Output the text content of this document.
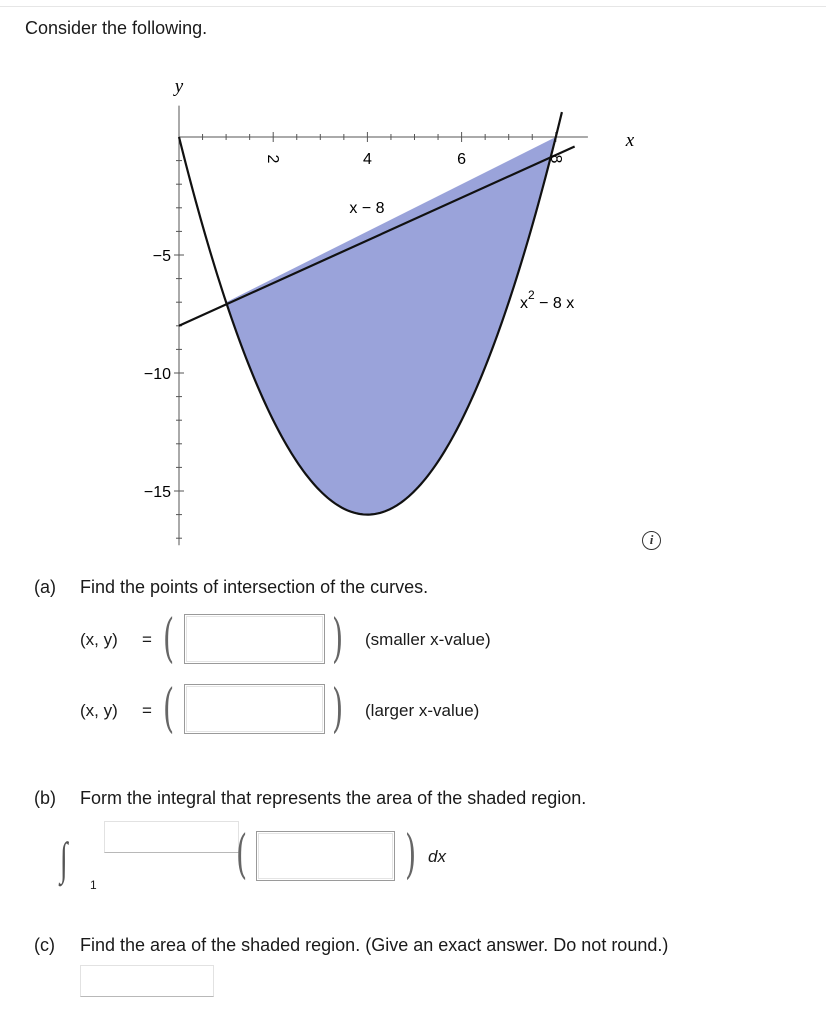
Consider the following.
2	4	6	8
−5
−10
−15
y
x
x − 8
$x^2 - 8$ x
i
(a) Find the points of intersection of the curves.
(x, y) = (	) (smaller x-value)
(x, y) = (	) (larger x-value)
(b) Form the integral that represents the area of the shaded region.
∫
1	(	) dx
(c) Find the area of the shaded region. (Give an exact answer. Do not round.)
